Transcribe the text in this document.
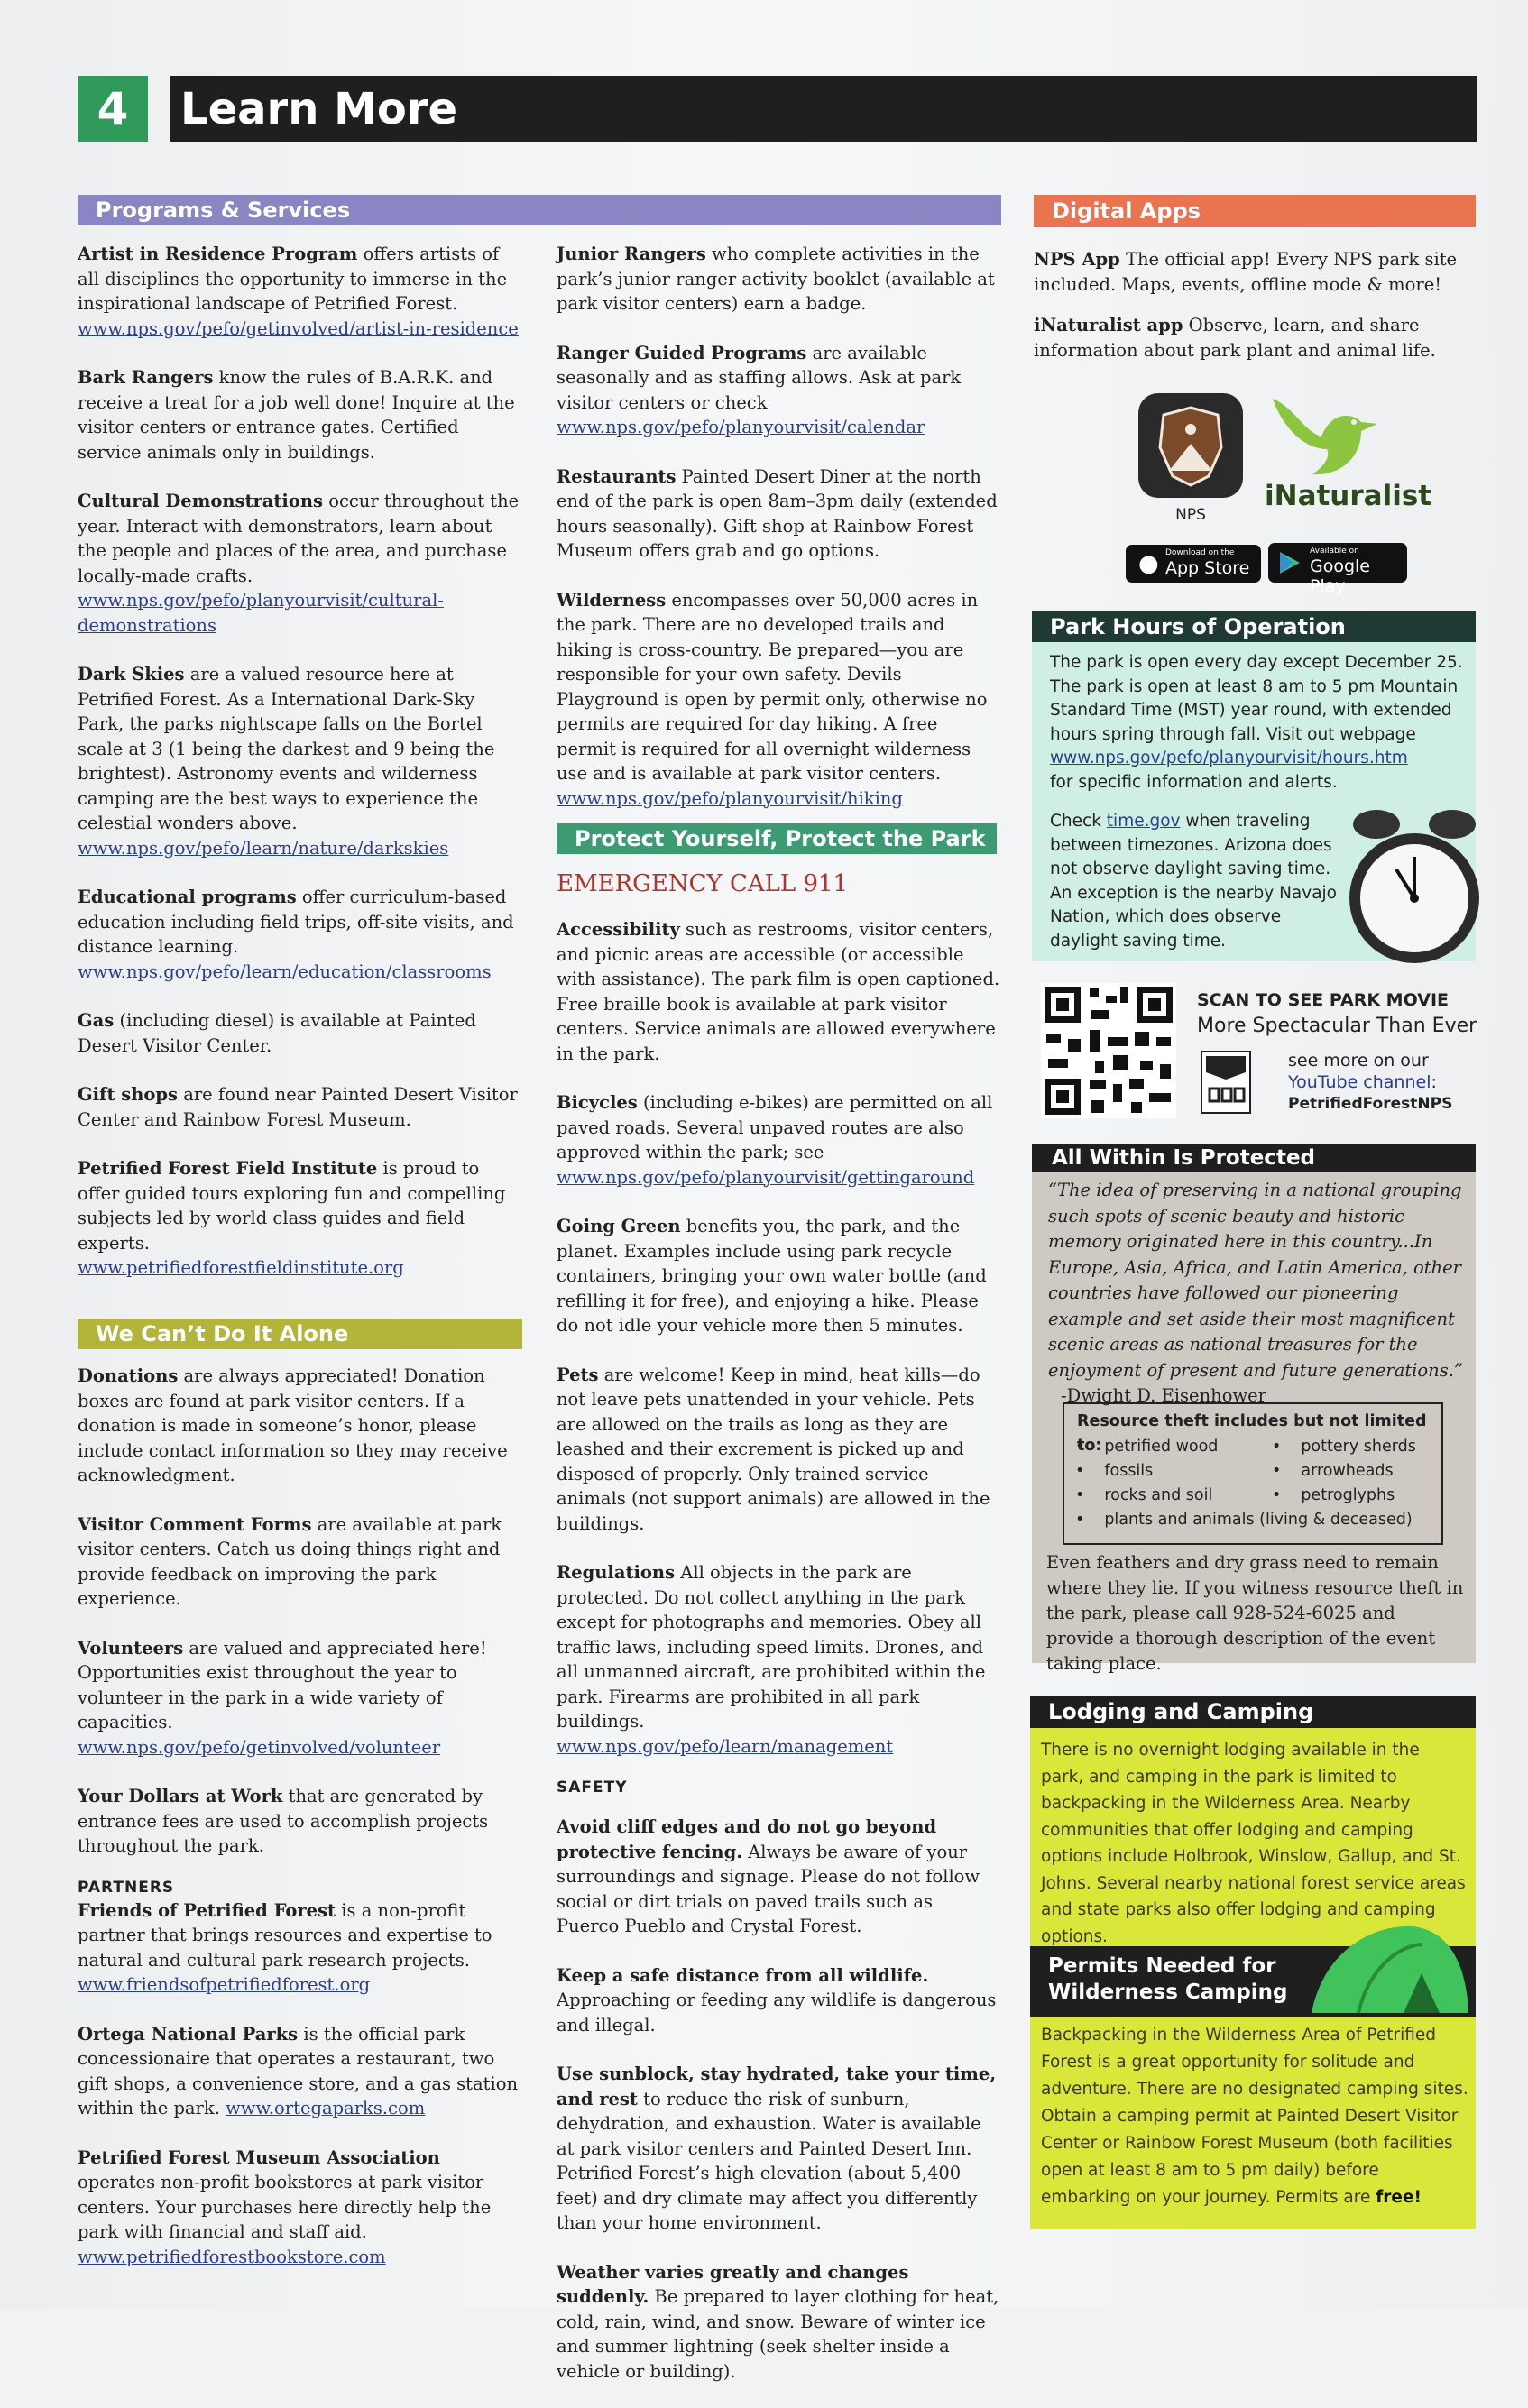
4	Learn More
Programs & Services
Artist in Residence Program offers artists of all disciplines the opportunity to immerse in the inspirational landscape of Petrified Forest.
www.nps.gov/pefo/getinvolved/artist-in-residence
Bark Rangers know the rules of B.A.R.K. and receive a treat for a job well done! Inquire at the visitor centers or entrance gates. Certified service animals only in buildings.
Cultural Demonstrations occur throughout the year. Interact with demonstrators, learn about the people and places of the area, and purchase locally-made crafts.
www.nps.gov/pefo/planyourvisit/cultural-demonstrations
Dark Skies are a valued resource here at Petrified Forest. As a International Dark-Sky Park, the parks nightscape falls on the Bortel scale at 3 (1 being the darkest and 9 being the brightest). Astronomy events and wilderness camping are the best ways to experience the celestial wonders above.
www.nps.gov/pefo/learn/nature/darkskies
Educational programs offer curriculum-based education including field trips, off-site visits, and distance learning.
www.nps.gov/pefo/learn/education/classrooms
Gas (including diesel) is available at Painted Desert Visitor Center.
Gift shops are found near Painted Desert Visitor Center and Rainbow Forest Museum.
Petrified Forest Field Institute is proud to offer guided tours exploring fun and compelling subjects led by world class guides and field experts.
www.petrifiedforestfieldinstitute.org
We Can’t Do It Alone
Donations are always appreciated! Donation boxes are found at park visitor centers. If a donation is made in someone’s honor, please include contact information so they may receive acknowledgment.
Visitor Comment Forms are available at park visitor centers. Catch us doing things right and provide feedback on improving the park experience.
Volunteers are valued and appreciated here! Opportunities exist throughout the year to volunteer in the park in a wide variety of capacities.
www.nps.gov/pefo/getinvolved/volunteer
Your Dollars at Work that are generated by entrance fees are used to accomplish projects throughout the park.
PARTNERS
Friends of Petrified Forest is a non-profit partner that brings resources and expertise to natural and cultural park research projects.
www.friendsofpetrifiedforest.org
Ortega National Parks is the official park concessionaire that operates a restaurant, two gift shops, a convenience store, and a gas station within the park. www.ortegaparks.com
Petrified Forest Museum Association operates non-profit bookstores at park visitor centers. Your purchases here directly help the park with financial and staff aid. www.petrifiedforestbookstore.com
Junior Rangers who complete activities in the park’s junior ranger activity booklet (available at park visitor centers) earn a badge.
Ranger Guided Programs are available seasonally and as staffing allows. Ask at park visitor centers or check www.nps.gov/pefo/planyourvisit/calendar
Restaurants Painted Desert Diner at the north end of the park is open 8am–3pm daily (extended hours seasonally). Gift shop at Rainbow Forest Museum offers grab and go options.
Wilderness encompasses over 50,000 acres in the park. There are no developed trails and hiking is cross-country. Be prepared—you are responsible for your own safety. Devils Playground is open by permit only, otherwise no permits are required for day hiking. A free permit is required for all overnight wilderness use and is available at park visitor centers.
www.nps.gov/pefo/planyourvisit/hiking
Protect Yourself, Protect the Park
EMERGENCY CALL 911
Accessibility such as restrooms, visitor centers, and picnic areas are accessible (or accessible with assistance). The park film is open captioned. Free braille book is available at park visitor centers. Service animals are allowed everywhere in the park.
Bicycles (including e-bikes) are permitted on all paved roads. Several unpaved routes are also approved within the park; see www.nps.gov/pefo/planyourvisit/gettingaround
Going Green benefits you, the park, and the planet. Examples include using park recycle containers, bringing your own water bottle (and refilling it for free), and enjoying a hike. Please do not idle your vehicle more then 5 minutes.
Pets are welcome! Keep in mind, heat kills—do not leave pets unattended in your vehicle. Pets are allowed on the trails as long as they are leashed and their excrement is picked up and disposed of properly. Only trained service animals (not support animals) are allowed in the buildings.
Regulations All objects in the park are protected. Do not collect anything in the park except for photographs and memories. Obey all traffic laws, including speed limits. Drones, and all unmanned aircraft, are prohibited within the park. Firearms are prohibited in all park buildings.
www.nps.gov/pefo/learn/management
SAFETY
Avoid cliff edges and do not go beyond protective fencing. Always be aware of your surroundings and signage. Please do not follow social or dirt trials on paved trails such as Puerco Pueblo and Crystal Forest.
Keep a safe distance from all wildlife. Approaching or feeding any wildlife is dangerous and illegal.
Use sunblock, stay hydrated, take your time, and rest to reduce the risk of sunburn, dehydration, and exhaustion. Water is available at park visitor centers and Painted Desert Inn. Petrified Forest’s high elevation (about 5,400 feet) and dry climate may affect you differently than your home environment.
Weather varies greatly and changes suddenly. Be prepared to layer clothing for heat, cold, rain, wind, and snow. Beware of winter ice and summer lightning (seek shelter inside a vehicle or building).
Digital Apps
NPS App The official app! Every NPS park site included. Maps, events, offline mode & more!
iNaturalist app Observe, learn, and share information about park plant and animal life.
NPS
iNaturalist
● Download on the
App Store
Available on
Google Play
Park Hours of Operation
The park is open every day except December 25. The park is open at least 8 am to 5 pm Mountain Standard Time (MST) year round, with extended hours spring through fall. Visit out webpage
www.nps.gov/pefo/planyourvisit/hours.htm
for specific information and alerts.
Check time.gov when traveling between timezones. Arizona does not observe daylight saving time. An exception is the nearby Navajo Nation, which does observe daylight saving time.
SCAN TO SEE PARK MOVIE
More Spectacular Than Ever
see more on our
YouTube channel:
PetrifiedForestNPS
All Within Is Protected
“The idea of preserving in a national grouping such spots of scenic beauty and historic memory originated here in this country...In Europe, Asia, Africa, and Latin America, other countries have followed our pioneering example and set aside their most magnificent scenic areas as national treasures for the enjoyment of present and future generations.” -Dwight D. Eisenhower
Resource theft includes but not limited to:
• petrified wood
• fossils
• rocks and soil
• pottery sherds
• arrowheads
• petroglyphs
• plants and animals (living & deceased)
Even feathers and dry grass need to remain where they lie. If you witness resource theft in the park, please call 928-524-6025 and provide a thorough description of the event taking place.
Lodging and Camping
There is no overnight lodging available in the park, and camping in the park is limited to backpacking in the Wilderness Area. Nearby communities that offer lodging and camping options include Holbrook, Winslow, Gallup, and St. Johns. Several nearby national forest service areas and state parks also offer lodging and camping options.
Permits Needed for
Wilderness Camping
Backpacking in the Wilderness Area of Petrified Forest is a great opportunity for solitude and adventure. There are no designated camping sites. Obtain a camping permit at Painted Desert Visitor Center or Rainbow Forest Museum (both facilities open at least 8 am to 5 pm daily) before embarking on your journey. Permits are free!
